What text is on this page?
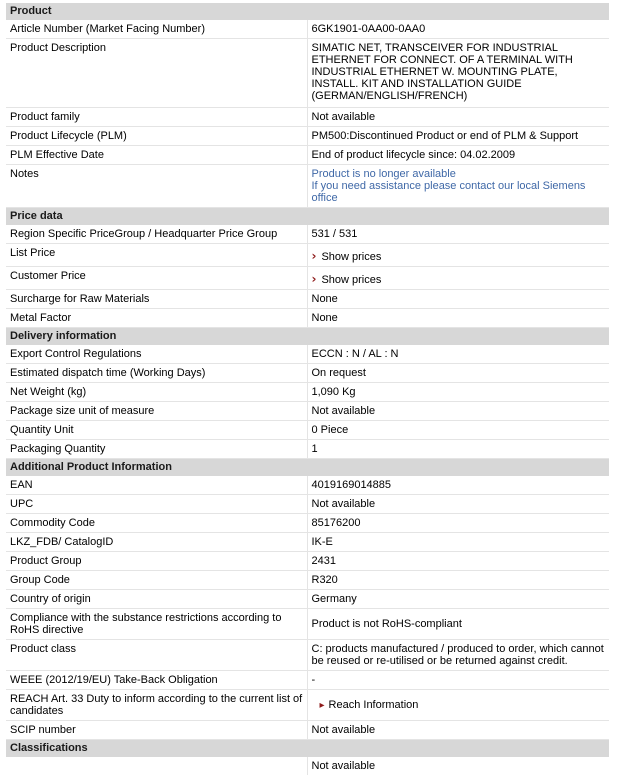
Product	
Article Number (Market Facing Number)	6GK1901-0AA00-0AA0
Product Description	SIMATIC NET, TRANSCEIVER FOR INDUSTRIAL ETHERNET FOR CONNECT. OF A TERMINAL WITH INDUSTRIAL ETHERNET W. MOUNTING PLATE, INSTALL. KIT AND INSTALLATION GUIDE (GERMAN/ENGLISH/FRENCH)
Product family	Not available
Product Lifecycle (PLM)	PM500:Discontinued Product or end of PLM & Support
PLM Effective Date	End of product lifecycle since: 04.02.2009
Notes	Product is no longer available
If you need assistance please contact our local Siemens office

Price data	
Region Specific PriceGroup / Headquarter Price Group	531 / 531
List Price	› Show prices
Customer Price	› Show prices
Surcharge for Raw Materials	None
Metal Factor	None
Delivery information	
Export Control Regulations	ECCN : N / AL : N
Estimated dispatch time (Working Days)	On request
Net Weight (kg)	1,090 Kg
Package size unit of measure	Not available
Quantity Unit	0 Piece
Packaging Quantity	1
Additional Product Information	
EAN	4019169014885
UPC	Not available
Commodity Code	85176200
LKZ_FDB/ CatalogID	IK-E
Product Group	2431
Group Code	R320
Country of origin	Germany
Compliance with the substance restrictions according to RoHS directive	Product is not RoHS-compliant
Product class	C: products manufactured / produced to order, which cannot be reused or re-utilised or be returned against credit.
WEEE (2012/19/EU) Take-Back Obligation	-
REACH Art. 33 Duty to inform according to the current list of candidates	▸ Reach Information
SCIP number	Not available
Classifications	
	Not available
